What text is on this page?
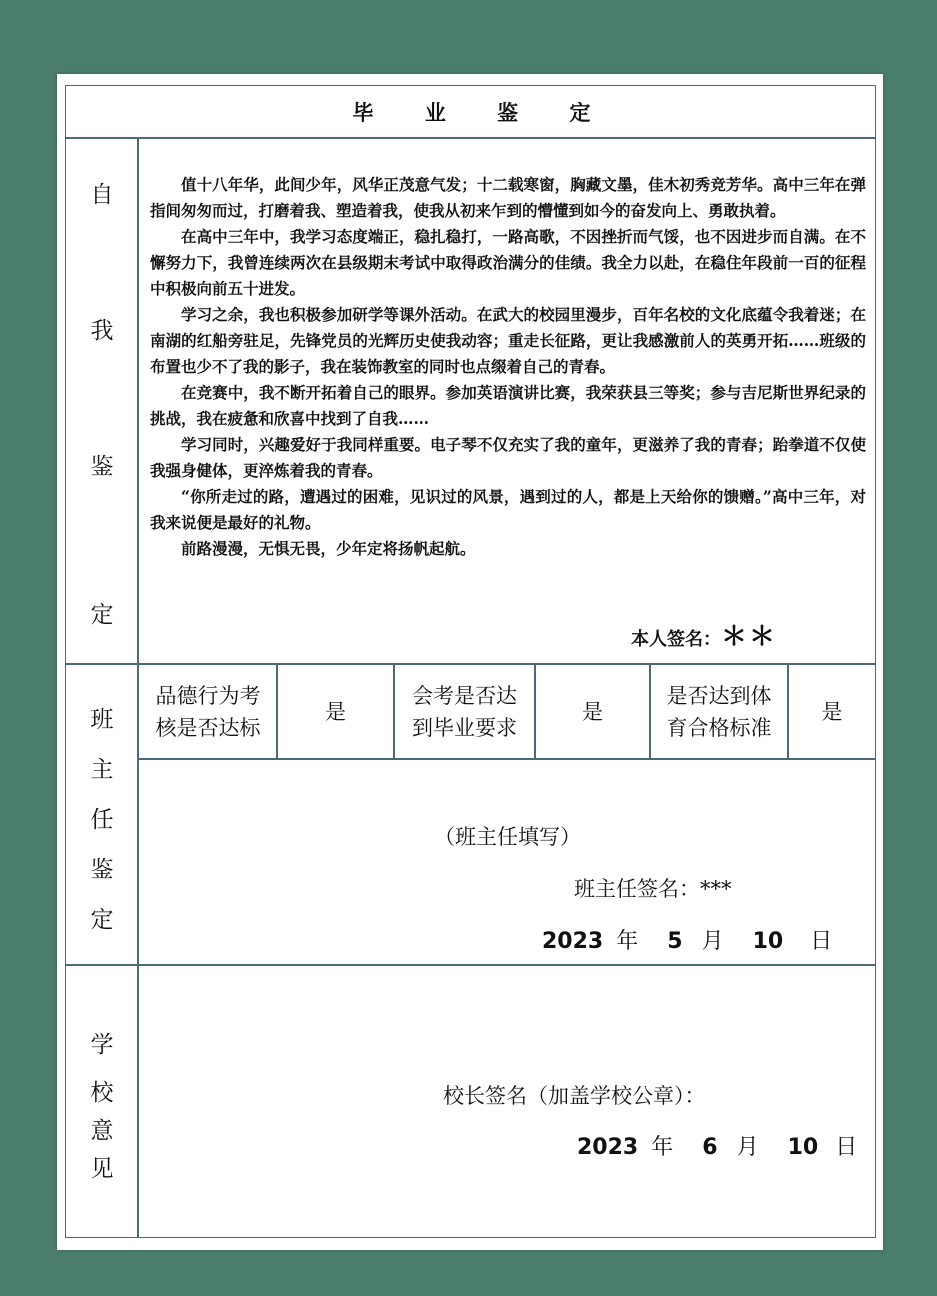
毕 业 鉴 定
自
我
鉴
定

值十八年华，此间少年，风华正茂意气发；十二载寒窗，胸藏文墨，佳木初秀竞芳华。高中三年在弹指间匆匆而过，打磨着我、塑造着我，使我从初来乍到的懵懂到如今的奋发向上、勇敢执着。

在高中三年中，我学习态度端正，稳扎稳打，一路高歌，不因挫折而气馁，也不因进步而自满。在不懈努力下，我曾连续两次在县级期末考试中取得政治满分的佳绩。我全力以赴，在稳住年段前一百的征程中积极向前五十进发。

学习之余，我也积极参加研学等课外活动。在武大的校园里漫步，百年名校的文化底蕴令我着迷；在南湖的红船旁驻足，先锋党员的光辉历史使我动容；重走长征路，更让我感激前人的英勇开拓……班级的布置也少不了我的影子，我在装饰教室的同时也点缀着自己的青春。

在竞赛中，我不断开拓着自己的眼界。参加英语演讲比赛，我荣获县三等奖；参与吉尼斯世界纪录的挑战，我在疲惫和欣喜中找到了自我……

学习同时，兴趣爱好于我同样重要。电子琴不仅充实了我的童年，更滋养了我的青春；跆拳道不仅使我强身健体，更淬炼着我的青春。

“你所走过的路，遭遇过的困难，见识过的风景，遇到过的人，都是上天给你的馈赠。”高中三年，对我来说便是最好的礼物。

前路漫漫，无惧无畏，少年定将扬帆起航。

本人签名：＊＊
班
主
任
鉴
定
品德行为考核是否达标
是
会考是否达到毕业要求
是
是否达到体育合格标准
是
（班主任填写）
班主任签名：***
2023 年 5 月 10 日
学
校
意
见
校长签名（加盖学校公章）：
2023 年 6 月 10 日
